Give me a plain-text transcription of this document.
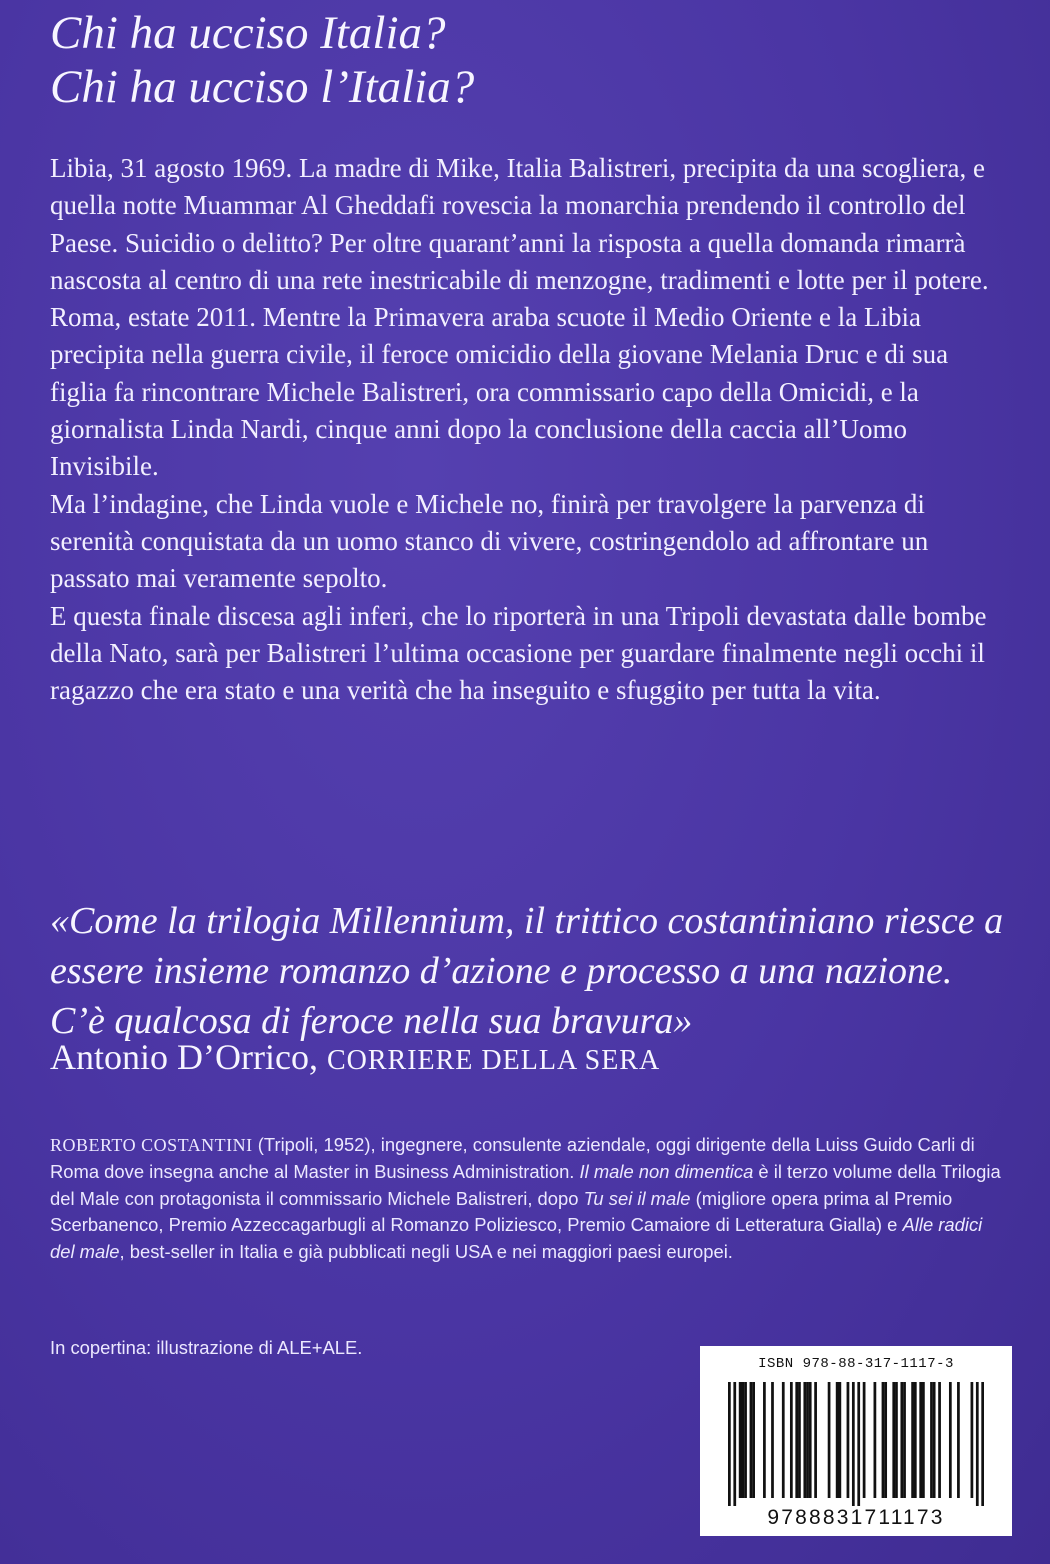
Chi ha ucciso Italia?
Chi ha ucciso l’Italia?

Libia, 31 agosto 1969. La madre di Mike, Italia Balistreri, precipita da una scogliera, e quella notte Muammar Al Gheddafi rovescia la monarchia prendendo il controllo del Paese. Suicidio o delitto? Per oltre quarant’anni la risposta a quella domanda rimarrà nascosta al centro di una rete inestricabile di menzogne, tradimenti e lotte per il potere.

Roma, estate 2011. Mentre la Primavera araba scuote il Medio Oriente e la Libia precipita nella guerra civile, il feroce omicidio della giovane Melania Druc e di sua figlia fa rincontrare Michele Balistreri, ora commissario capo della Omicidi, e la giornalista Linda Nardi, cinque anni dopo la conclusione della caccia all’Uomo Invisibile.

Ma l’indagine, che Linda vuole e Michele no, finirà per travolgere la parvenza di serenità conquistata da un uomo stanco di vivere, costringendolo ad affrontare un passato mai veramente sepolto.

E questa finale discesa agli inferi, che lo riporterà in una Tripoli devastata dalle bombe della Nato, sarà per Balistreri l’ultima occasione per guardare finalmente negli occhi il ragazzo che era stato e una verità che ha inseguito e sfuggito per tutta la vita.

«Come la trilogia Millennium, il trittico costantiniano riesce a essere insieme romanzo d’azione e processo a una nazione. C’è qualcosa di feroce nella sua bravura»
Antonio D’Orrico, CORRIERE DELLA SERA
ROBERTO COSTANTINI (Tripoli, 1952), ingegnere, consulente aziendale, oggi dirigente della Luiss Guido Carli di Roma dove insegna anche al Master in Business Administration. Il male non dimentica è il terzo volume della Trilogia del Male con protagonista il commissario Michele Balistreri, dopo Tu sei il male (migliore opera prima al Premio Scerbanenco, Premio Azzeccagarbugli al Romanzo Poliziesco, Premio Camaiore di Letteratura Gialla) e Alle radici del male, best-seller in Italia e già pubblicati negli USA e nei maggiori paesi europei.
In copertina: illustrazione di ALE+ALE.
ISBN 978-88-317-1117-3
9788831711173
